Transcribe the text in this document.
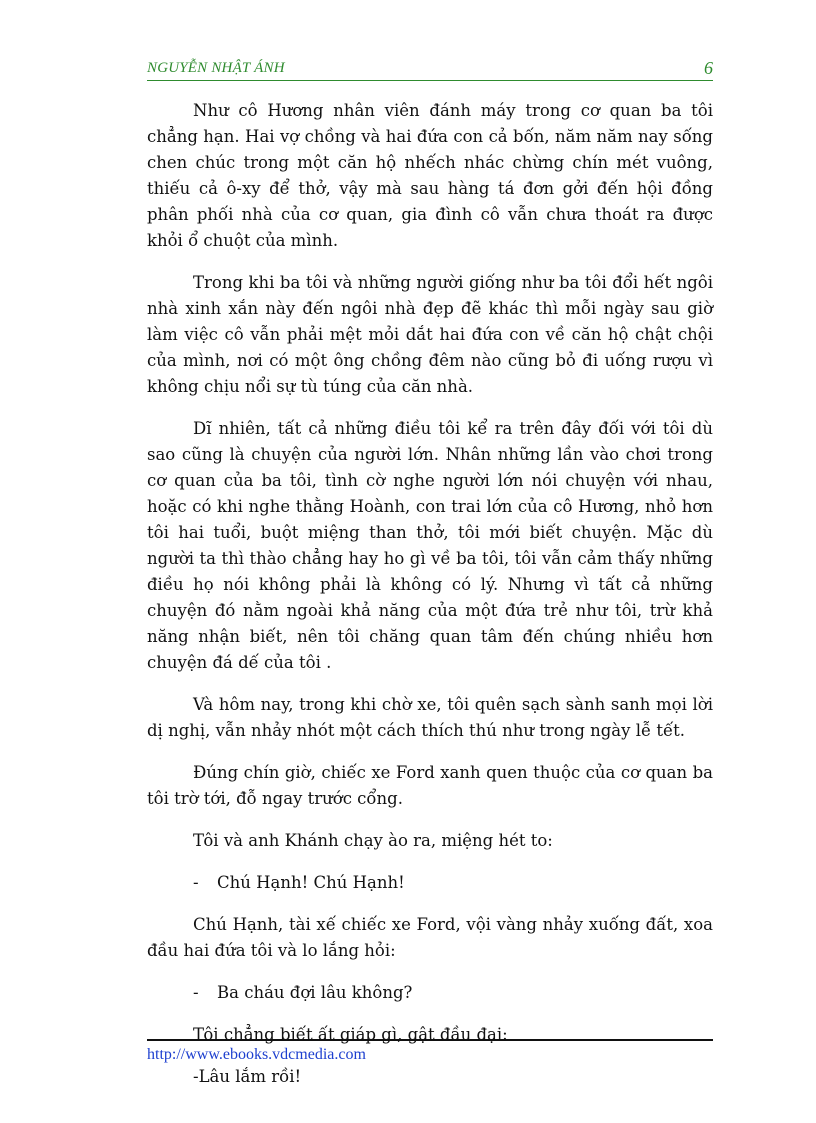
NGUYỄN NHẬT ÁNH	6

Như cô Hương nhân viên đánh máy trong cơ quan ba tôi chẳng hạn. Hai vợ chồng và hai đứa con cả bốn, năm năm nay sống chen chúc trong một căn hộ nhếch nhác chừng chín mét vuông, thiếu cả ô-xy để thở, vậy mà sau hàng tá đơn gởi đến hội đồng phân phối nhà của cơ quan, gia đình cô vẫn chưa thoát ra được khỏi ổ chuột của mình.

Trong khi ba tôi và những người giống như ba tôi đổi hết ngôi nhà xinh xắn này đến ngôi nhà đẹp đẽ khác thì mỗi ngày sau giờ làm việc cô vẫn phải mệt mỏi dắt hai đứa con về căn hộ chật chội của mình, nơi có một ông chồng đêm nào cũng bỏ đi uống rượu vì không chịu nổi sự tù túng của căn nhà.

Dĩ nhiên, tất cả những điều tôi kể ra trên đây đối với tôi dù sao cũng là chuyện của người lớn. Nhân những lần vào chơi trong cơ quan của ba tôi, tình cờ nghe người lớn nói chuyện với nhau, hoặc có khi nghe thằng Hoành, con trai lớn của cô Hương, nhỏ hơn tôi hai tuổi, buột miệng than thở, tôi mới biết chuyện. Mặc dù người ta thì thào chẳng hay ho gì về ba tôi, tôi vẫn cảm thấy những điều họ nói không phải là không có lý. Nhưng vì tất cả những chuyện đó nằm ngoài khả năng của một đứa trẻ như tôi, trừ khả năng nhận biết, nên tôi chăng quan tâm đến chúng nhiều hơn chuyện đá dế của tôi .

Và hôm nay, trong khi chờ xe, tôi quên sạch sành sanh mọi lời dị nghị, vẫn nhảy nhót một cách thích thú như trong ngày lễ tết.

Đúng chín giờ, chiếc xe Ford xanh quen thuộc của cơ quan ba tôi trờ tới, đỗ ngay trước cổng.

Tôi và anh Khánh chạy ào ra, miệng hét to:

- Chú Hạnh! Chú Hạnh!

Chú Hạnh, tài xế chiếc xe Ford, vội vàng nhảy xuống đất, xoa đầu hai đứa tôi và lo lắng hỏi:

- Ba cháu đợi lâu không?

Tôi chẳng biết ất giáp gì, gật đầu đại:

-Lâu lắm rồi!

http://www.ebooks.vdcmedia.com
